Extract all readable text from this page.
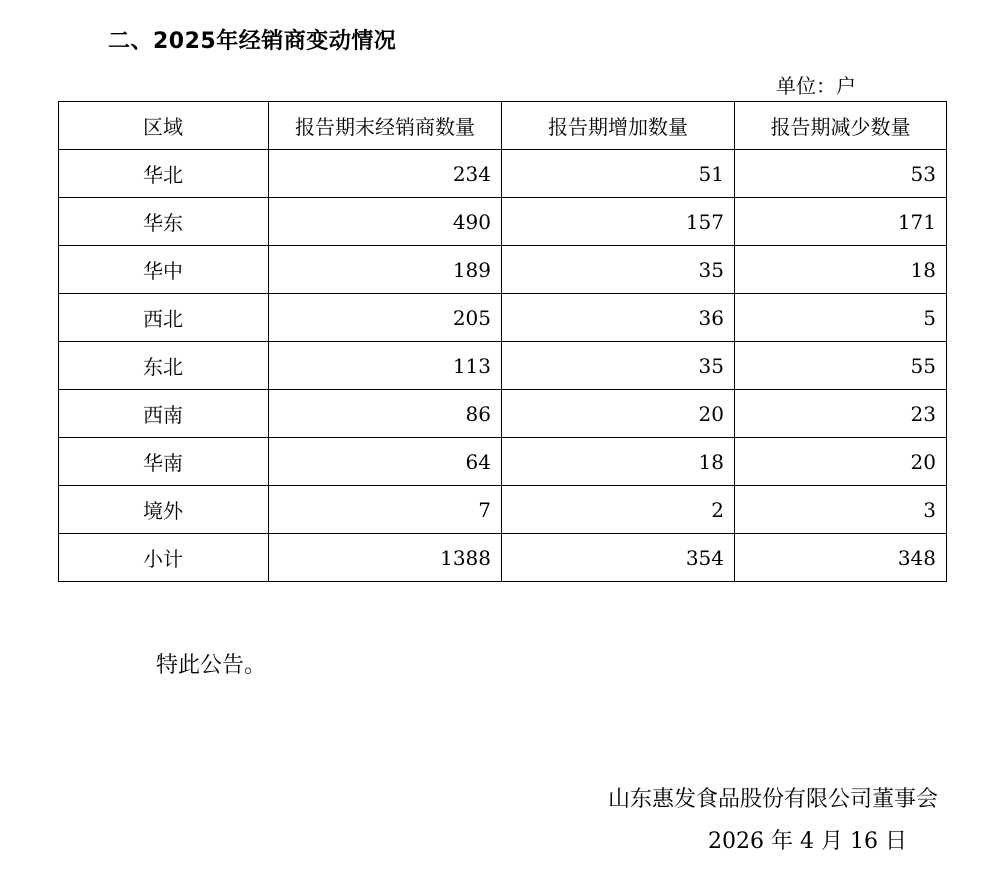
二、2025年经销商变动情况
单位：户
区域	报告期末经销商数量	报告期增加数量	报告期减少数量
华北	234	51	53
华东	490	157	171
华中	189	35	18
西北	205	36	5
东北	113	35	55
西南	86	20	23
华南	64	18	20
境外	7	2	3
小计	1388	354	348
特此公告。
山东惠发食品股份有限公司董事会
2026 年 4 月 16 日
